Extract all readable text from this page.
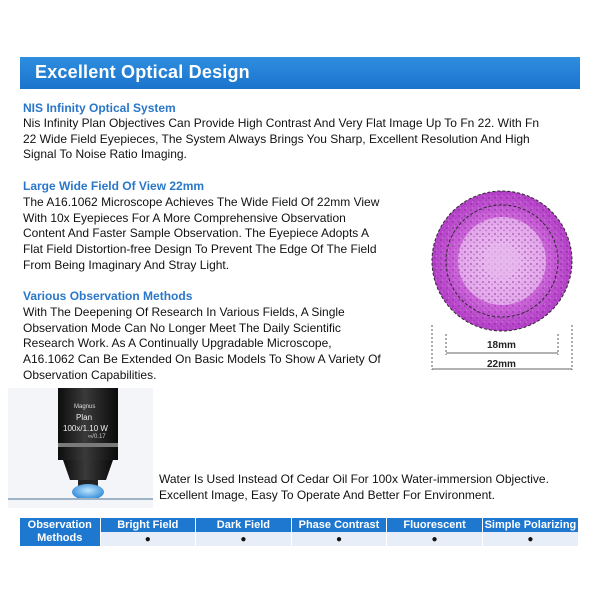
Excellent Optical Design
NIS Infinity Optical System
Nis Infinity Plan Objectives Can Provide High Contrast And Very Flat Image Up To Fn 22. With Fn
22 Wide Field Eyepieces, The System Always Brings You Sharp, Excellent Resolution And High
Signal To Noise Ratio Imaging.
Large Wide Field Of View 22mm
The A16.1062 Microscope Achieves The Wide Field Of 22mm View
With 10x Eyepieces For A More Comprehensive Observation
Content And Faster Sample Observation. The Eyepiece Adopts A
Flat Field Distortion-free Design To Prevent The Edge Of The Field
From Being Imaginary And Stray Light.
Various Observation Methods
With The Deepening Of Research In Various Fields, A Single
Observation Mode Can No Longer Meet The Daily Scientific
Research Work. As A Continually Upgradable Microscope,
A16.1062 Can Be Extended On Basic Models To Show A Variety Of
Observation Capabilities.
18mm
22mm
Magnus
Plan
100x/1.10 W
∞/0.17
Water Is Used Instead Of Cedar Oil For 100x Water-immersion Objective.
Excellent Image, Easy To Operate And Better For Environment.
Observation
Methods	Bright Field	Dark Field	Phase Contrast	Fluorescent	Simple Polarizing
	●	●	●	●	●
